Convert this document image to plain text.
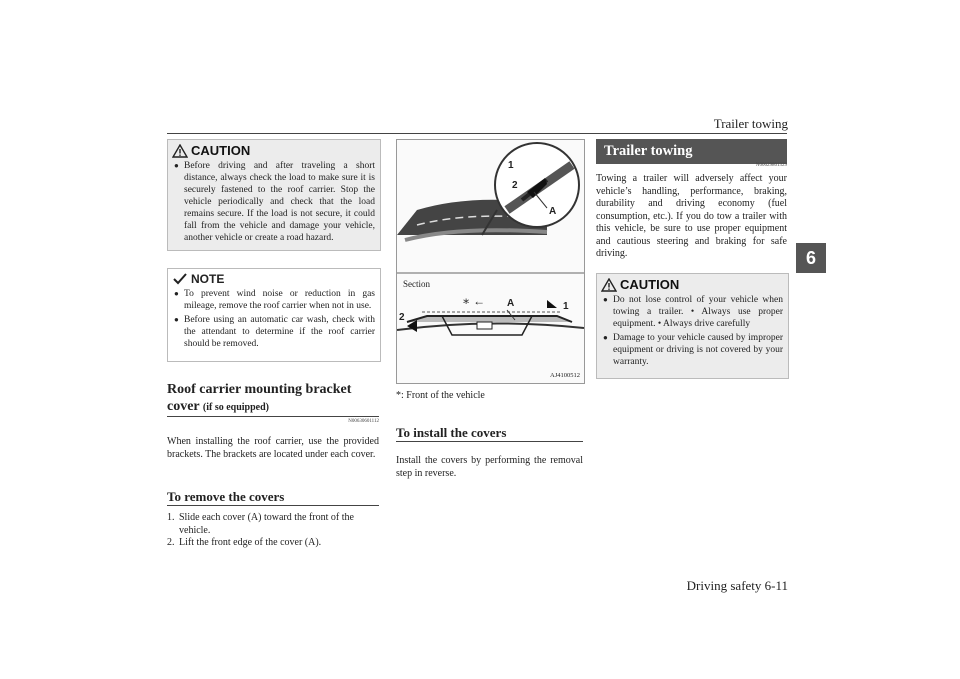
Trailer towing
6
CAUTION
● Before driving and after traveling a short distance, always check the load to make sure it is securely fastened to the roof carrier. Stop the vehicle periodically and check that the load remains secure. If the load is not secure, it could fall from the vehicle and damage your vehicle, another vehicle or create a road hazard.
NOTE
● To prevent wind noise or reduction in gas mileage, remove the roof carrier when not in use.
● Before using an automatic car wash, check with the attendant to determine if the roof carrier should be removed.
Roof carrier mounting bracket cover (if so equipped)
N00630601112
When installing the roof carrier, use the provided brackets. The brackets are located under each cover.
To remove the covers
1. Slide each cover (A) toward the front of the vehicle.
2. Lift the front edge of the cover (A).
1
2
A
Section
∗ ← A	1
2
AJ4100512
*: Front of the vehicle
To install the covers
Install the covers by performing the removal step in reverse.
Trailer towing
N00629801329
Towing a trailer will adversely affect your vehicle’s handling, performance, braking, durability and driving economy (fuel consumption, etc.). If you do tow a trailer with this vehicle, be sure to use proper equipment and cautious steering and braking for safe driving.
CAUTION
● Do not lose control of your vehicle when towing a trailer. • Always use proper equipment. • Always drive carefully
● Damage to your vehicle caused by improper equipment or driving is not covered by your warranty.
Driving safety 6-11
